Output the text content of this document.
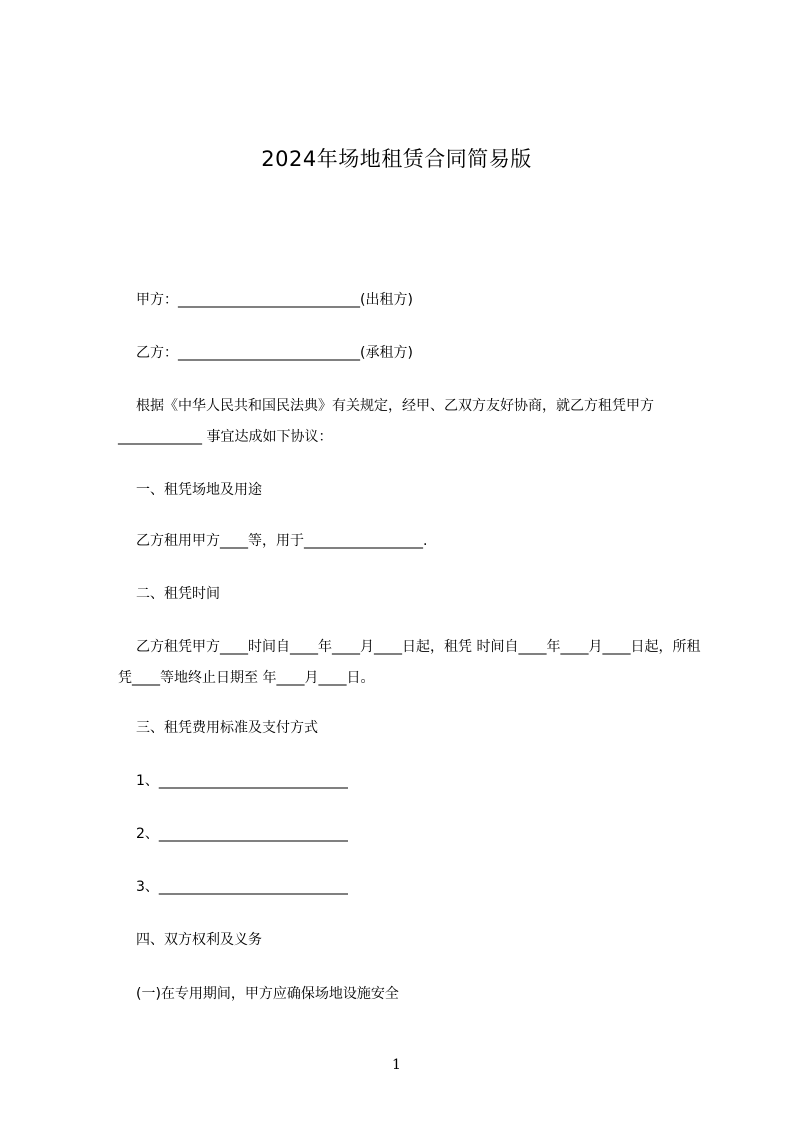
2024年场地租赁合同简易版
甲方：__________________________(出租方)
乙方：__________________________(承租方)
根据《中华人民共和国民法典》有关规定，经甲、乙双方友好协商，就乙方租凭甲方____________ 事宜达成如下协议：
一、租凭场地及用途
乙方租用甲方____等，用于_________________.
二、租凭时间
乙方租凭甲方____时间自____年____月____日起，租凭 时间自____年____月____日起，所租凭____等地终止日期至 年____月____日。
三、租凭费用标准及支付方式
1、___________________________
2、___________________________
3、___________________________
四、双方权利及义务
(一)在专用期间，甲方应确保场地设施安全
1
